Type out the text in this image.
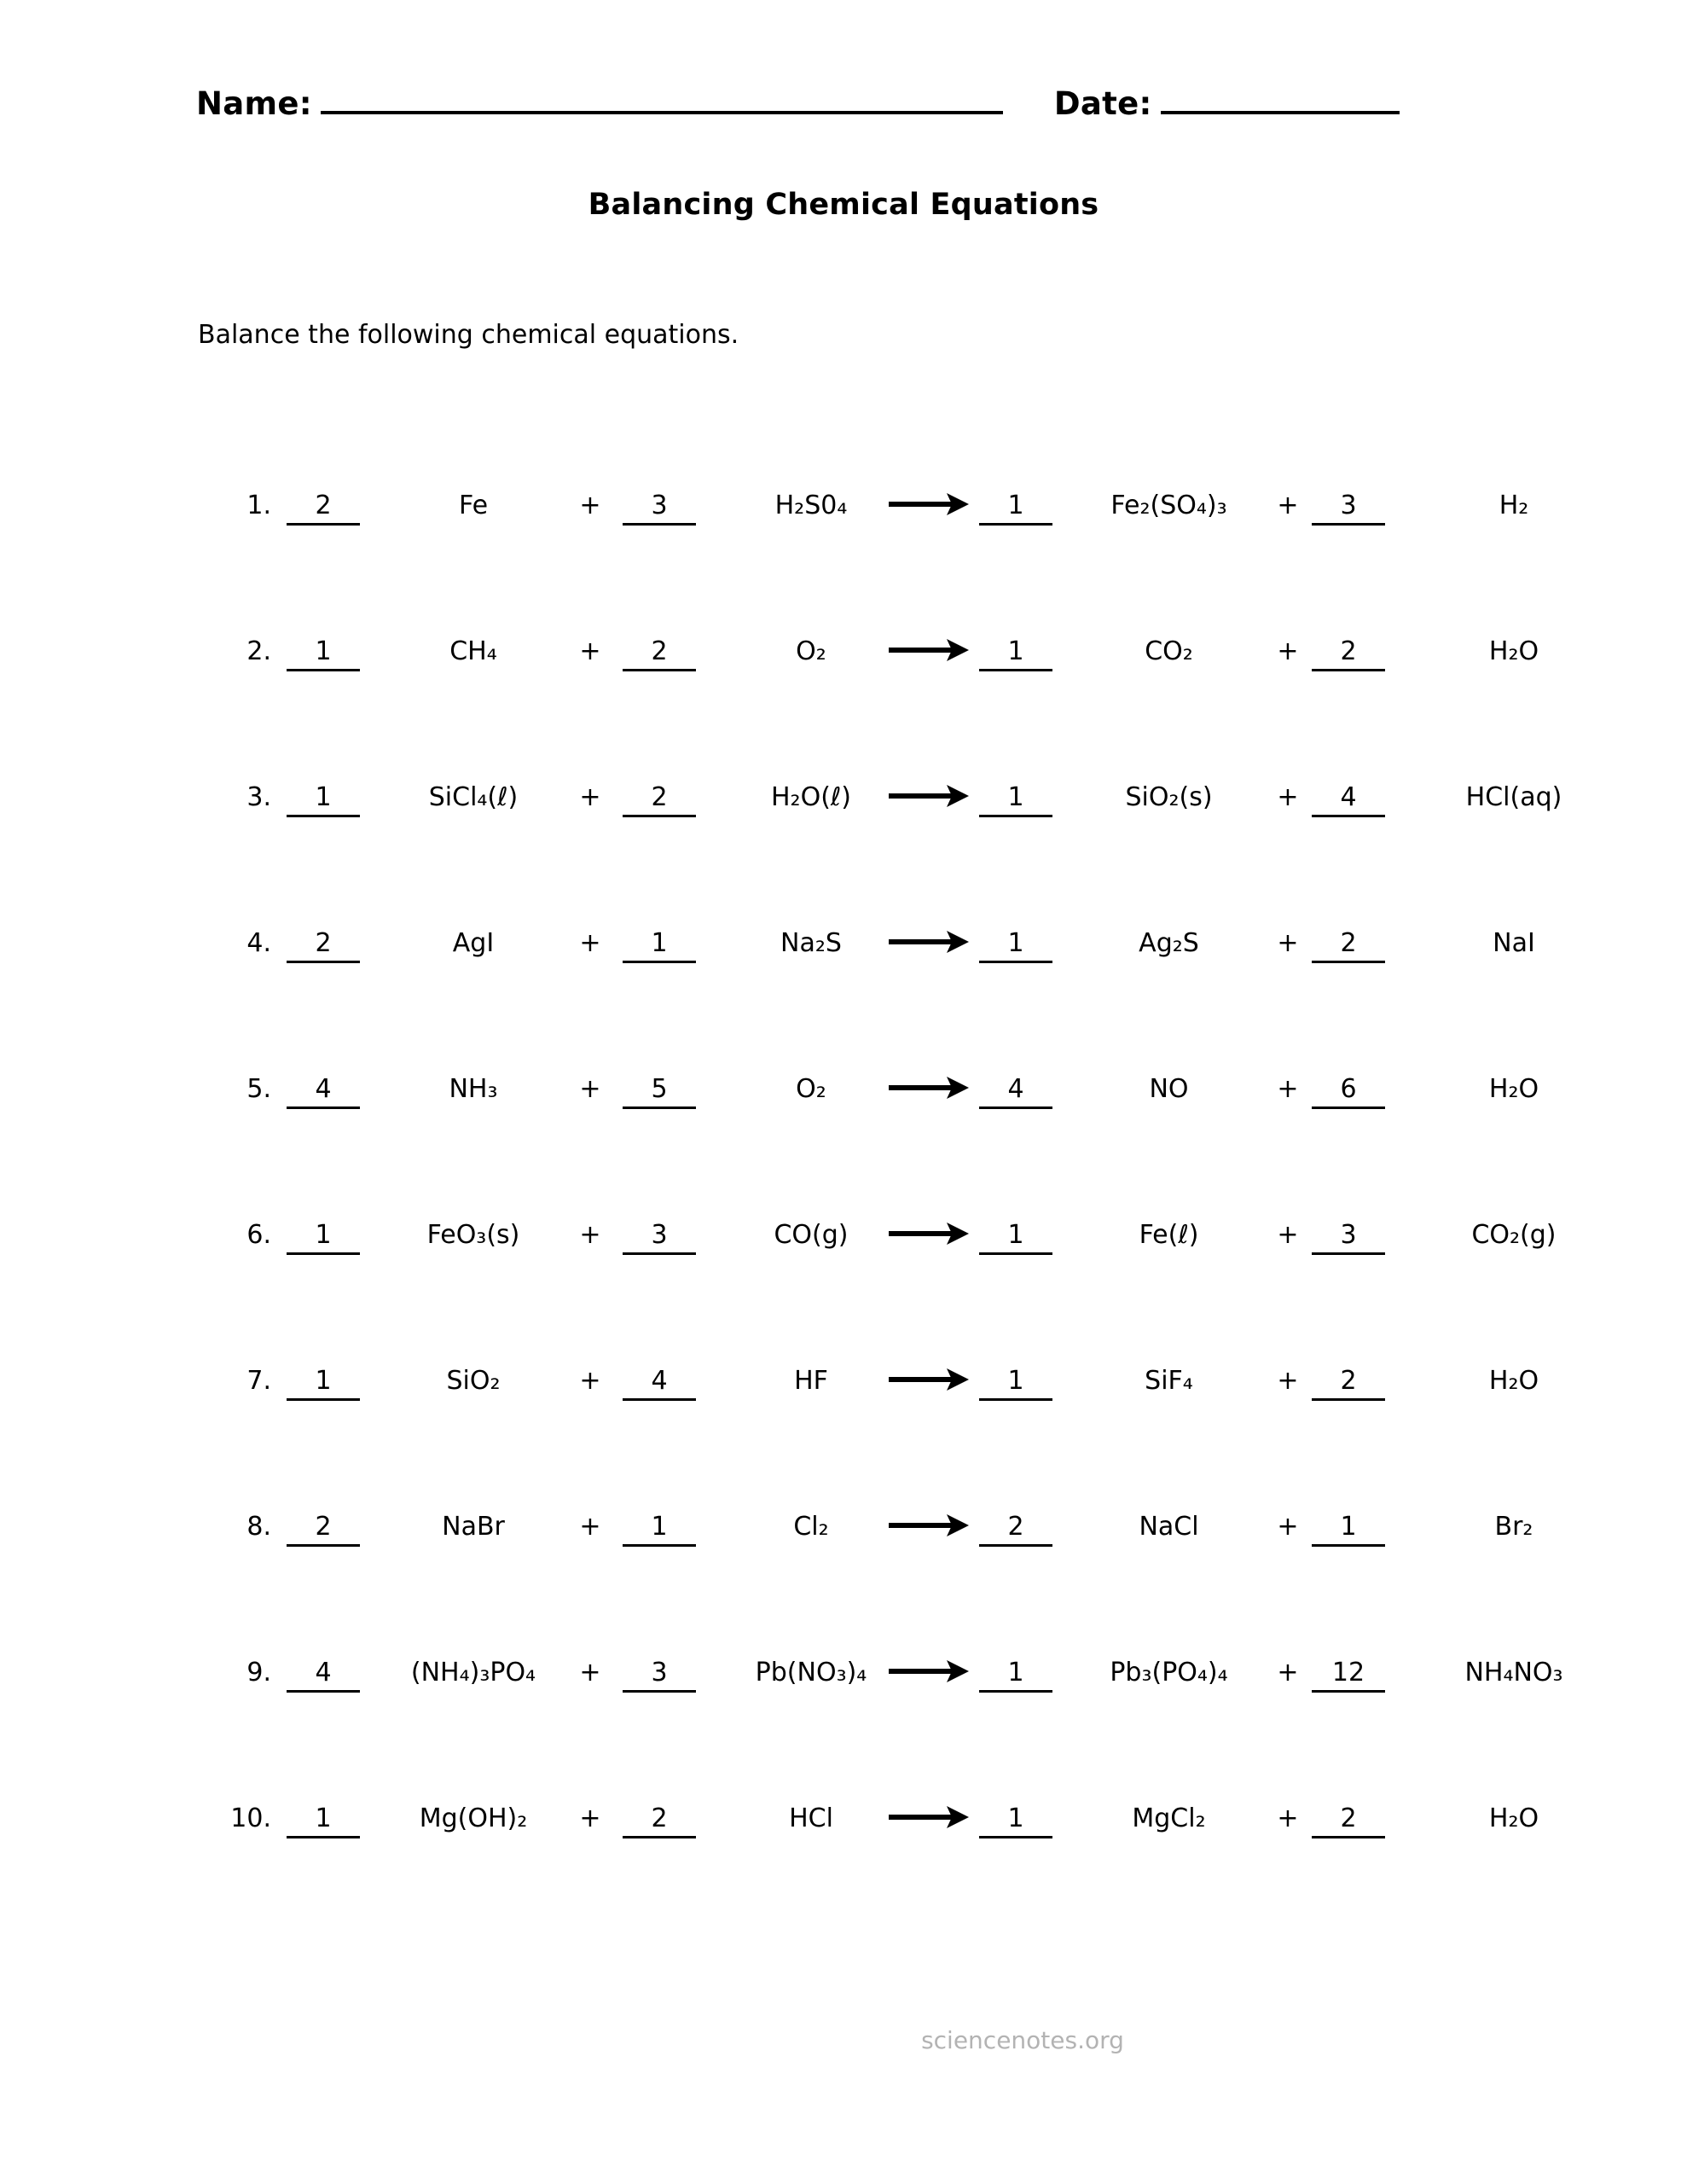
Name:	Date:
Balancing Chemical Equations
Balance the following chemical equations.
1.	2	Fe	+	3	H₂S0₄	1	Fe₂(SO₄)₃	+	3	H₂
2.	1	CH₄	+	2	O₂	1	CO₂	+	2	H₂O
3.	1	SiCl₄(ℓ)	+	2	H₂O(ℓ)	1	SiO₂(s)	+	4	HCl(aq)
4.	2	AgI	+	1	Na₂S	1	Ag₂S	+	2	NaI
5.	4	NH₃	+	5	O₂	4	NO	+	6	H₂O
6.	1	FeO₃(s)	+	3	CO(g)	1	Fe(ℓ)	+	3	CO₂(g)
7.	1	SiO₂	+	4	HF	1	SiF₄	+	2	H₂O
8.	2	NaBr	+	1	Cl₂	2	NaCl	+	1	Br₂
9.	4	(NH₄)₃PO₄	+	3	Pb(NO₃)₄	1	Pb₃(PO₄)₄	+	12	NH₄NO₃
10.	1	Mg(OH)₂	+	2	HCl	1	MgCl₂	+	2	H₂O
sciencenotes.org
